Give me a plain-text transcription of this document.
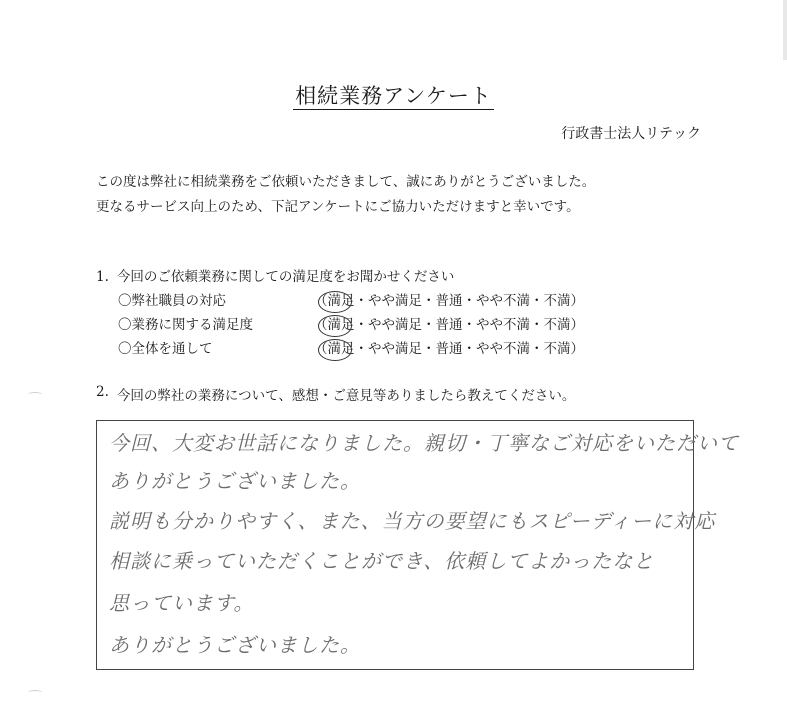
相続業務アンケート
行政書士法人リテック
この度は弊社に相続業務をご依頼いただきまして、誠にありがとうございました。
更なるサービス向上のため、下記アンケートにご協力いただけますと幸いです。
1. 今回のご依頼業務に関しての満足度をお聞かせください
〇弊社職員の対応	（満足・やや満足・普通・やや不満・不満）
〇業務に関する満足度	（満足・やや満足・普通・やや不満・不満）
〇全体を通して	（満足・やや満足・普通・やや不満・不満）
2. 今回の弊社の業務について、感想・ご意見等ありましたら教えてください。
今回、大変お世話になりました。親切・丁寧なご対応をいただいて
ありがとうございました。
説明も分かりやすく、また、当方の要望にもスピーディーに対応
相談に乗っていただくことができ、依頼してよかったなと
思っています。
ありがとうございました。
